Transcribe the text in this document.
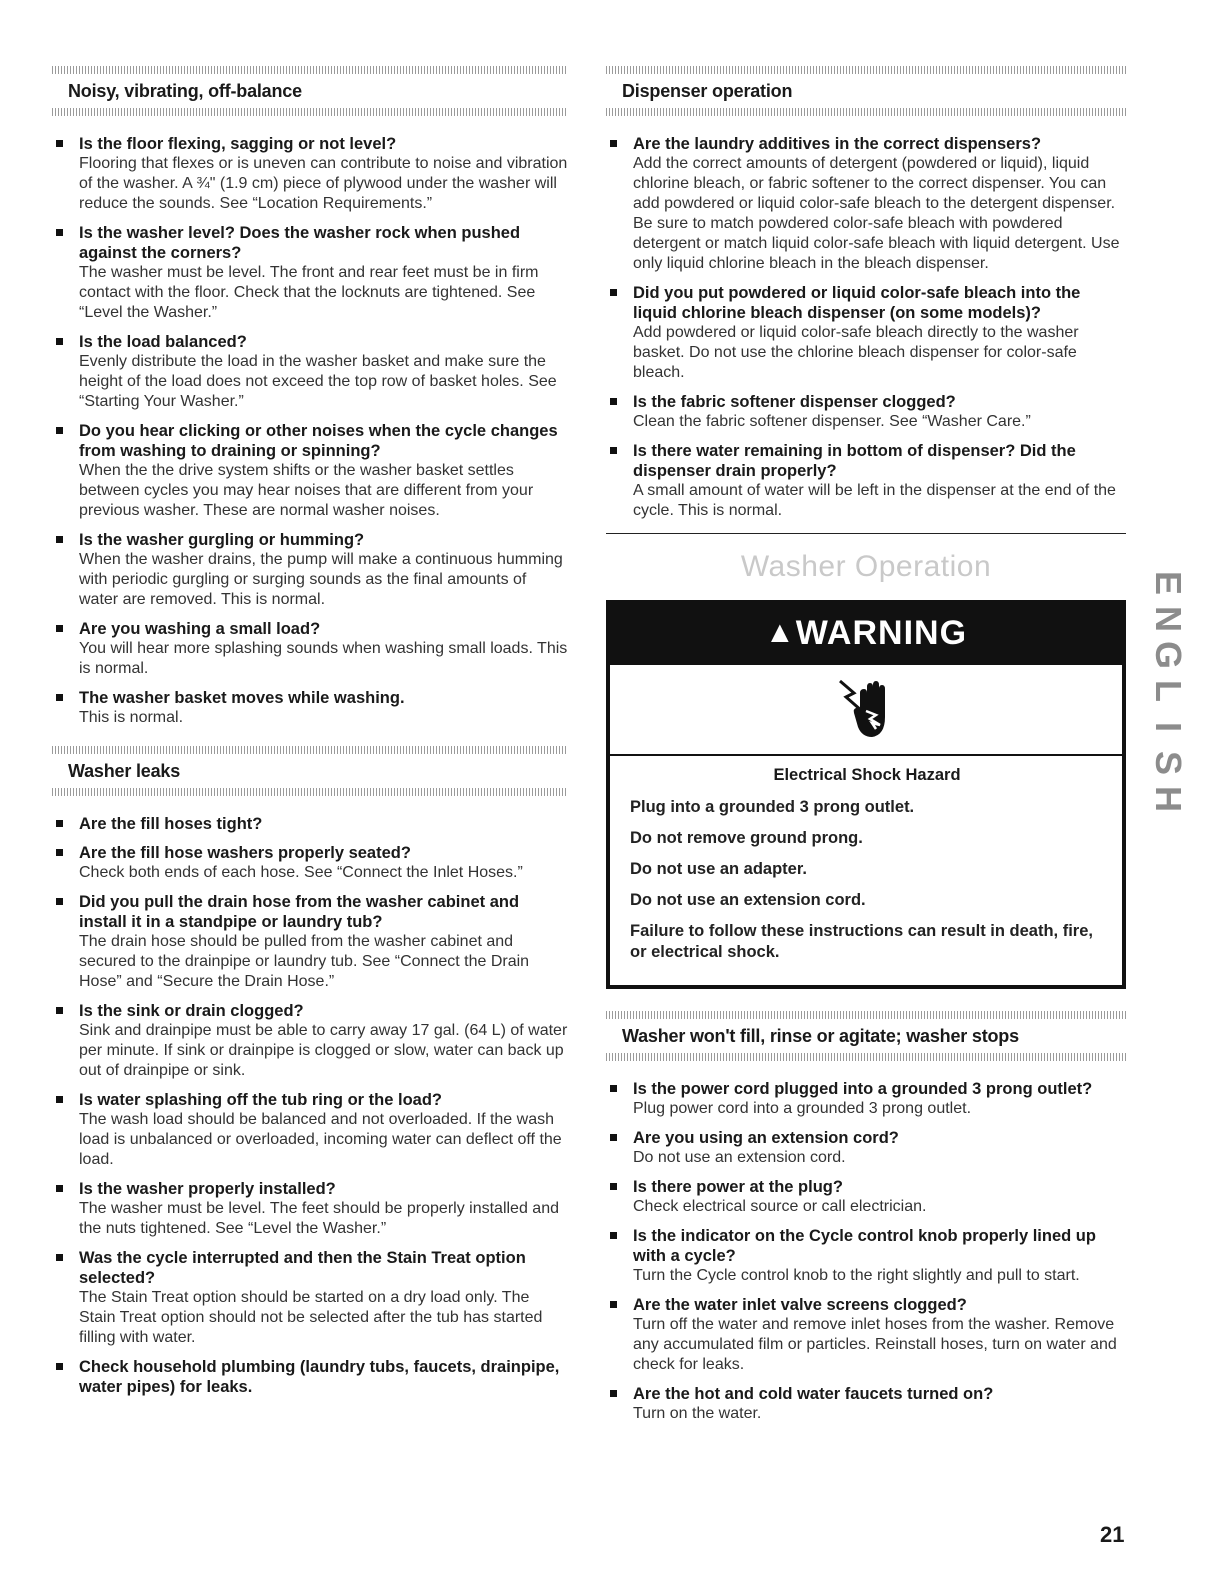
Noisy, vibrating, off-balance
Is the floor flexing, sagging or not level?
Flooring that flexes or is uneven can contribute to noise and vibration of the washer. A ¾" (1.9 cm) piece of plywood under the washer will reduce the sounds. See “Location Requirements.”
Is the washer level? Does the washer rock when pushed against the corners?
The washer must be level. The front and rear feet must be in firm contact with the floor. Check that the locknuts are tightened. See “Level the Washer.”
Is the load balanced?
Evenly distribute the load in the washer basket and make sure the height of the load does not exceed the top row of basket holes. See “Starting Your Washer.”
Do you hear clicking or other noises when the cycle changes from washing to draining or spinning?
When the the drive system shifts or the washer basket settles between cycles you may hear noises that are different from your previous washer. These are normal washer noises.
Is the washer gurgling or humming?
When the washer drains, the pump will make a continuous humming with periodic gurgling or surging sounds as the final amounts of water are removed. This is normal.
Are you washing a small load?
You will hear more splashing sounds when washing small loads. This is normal.
The washer basket moves while washing.
This is normal.
Washer leaks
Are the fill hoses tight?
Are the fill hose washers properly seated?
Check both ends of each hose. See “Connect the Inlet Hoses.”
Did you pull the drain hose from the washer cabinet and install it in a standpipe or laundry tub?
The drain hose should be pulled from the washer cabinet and secured to the drainpipe or laundry tub. See “Connect the Drain Hose” and “Secure the Drain Hose.”
Is the sink or drain clogged?
Sink and drainpipe must be able to carry away 17 gal. (64 L) of water per minute. If sink or drainpipe is clogged or slow, water can back up out of drainpipe or sink.
Is water splashing off the tub ring or the load?
The wash load should be balanced and not overloaded. If the wash load is unbalanced or overloaded, incoming water can deflect off the load.
Is the washer properly installed?
The washer must be level. The feet should be properly installed and the nuts tightened. See “Level the Washer.”
Was the cycle interrupted and then the Stain Treat option selected?
The Stain Treat option should be started on a dry load only. The Stain Treat option should not be selected after the tub has started filling with water.
Check household plumbing (laundry tubs, faucets, drainpipe, water pipes) for leaks.
Dispenser operation
Are the laundry additives in the correct dispensers?
Add the correct amounts of detergent (powdered or liquid), liquid chlorine bleach, or fabric softener to the correct dispenser. You can add powdered or liquid color-safe bleach to the detergent dispenser. Be sure to match powdered color-safe bleach with powdered detergent or match liquid color-safe bleach with liquid detergent. Use only liquid chlorine bleach in the bleach dispenser.
Did you put powdered or liquid color-safe bleach into the liquid chlorine bleach dispenser (on some models)?
Add powdered or liquid color-safe bleach directly to the washer basket. Do not use the chlorine bleach dispenser for color-safe bleach.
Is the fabric softener dispenser clogged?
Clean the fabric softener dispenser. See “Washer Care.”
Is there water remaining in bottom of dispenser? Did the dispenser drain properly?
A small amount of water will be left in the dispenser at the end of the cycle. This is normal.
Washer Operation
▲WARNING
Electrical Shock Hazard
Plug into a grounded 3 prong outlet.
Do not remove ground prong.
Do not use an adapter.
Do not use an extension cord.
Failure to follow these instructions can result in death, fire, or electrical shock.
Washer won't fill, rinse or agitate; washer stops
Is the power cord plugged into a grounded 3 prong outlet?
Plug power cord into a grounded 3 prong outlet.
Are you using an extension cord?
Do not use an extension cord.
Is there power at the plug?
Check electrical source or call electrician.
Is the indicator on the Cycle control knob properly lined up with a cycle?
Turn the Cycle control knob to the right slightly and pull to start.
Are the water inlet valve screens clogged?
Turn off the water and remove inlet hoses from the washer. Remove any accumulated film or particles. Reinstall hoses, turn on water and check for leaks.
Are the hot and cold water faucets turned on?
Turn on the water.
E
N
G
L
I
S
H
21
